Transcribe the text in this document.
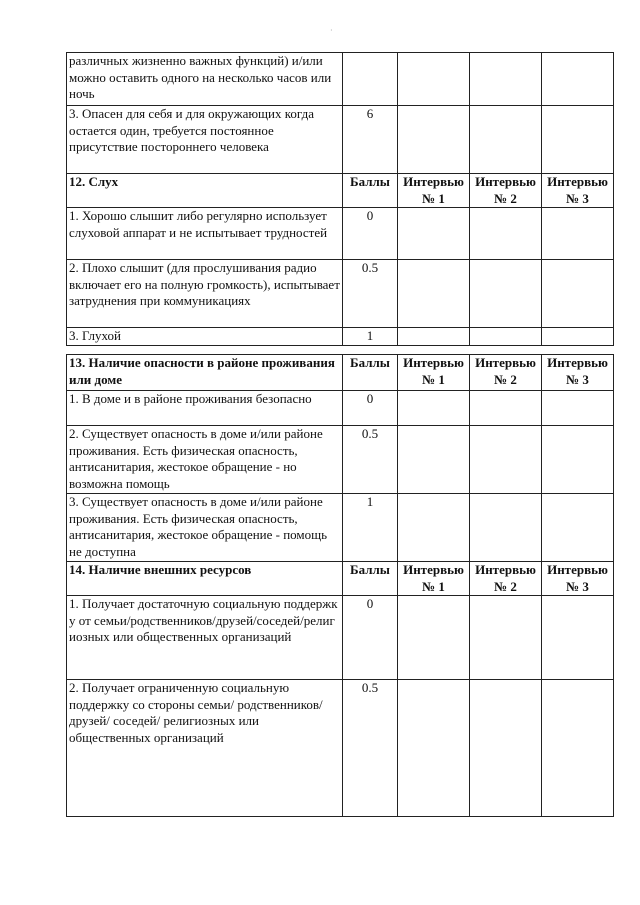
·
различных жизненно важных функций) и/или можно оставить одного на несколько часов или ночь				
3. Опасен для себя и для окружающих когда остается один, требуется постоянное присутствие постороннего человека	6			
12. Слух	Баллы	Интервью № 1	Интервью № 2	Интервью № 3
1. Хорошо слышит либо регулярно использует слуховой аппарат и не испытывает трудностей	0			
2. Плохо слышит (для прослушивания радио включает его на полную громкость), испытывает затруднения при коммуникациях	0.5			
3. Глухой	1			
13. Наличие опасности в районе проживания или доме	Баллы	Интервью № 1	Интервью № 2	Интервью № 3
1. В доме и в районе проживания безопасно	0			
2. Существует опасность в доме и/или районе проживания. Есть физическая опасность, антисанитария, жестокое обращение - но возможна помощь	0.5			
3. Существует опасность в доме и/или районе проживания. Есть физическая опасность, антисанитария, жестокое обращение - помощь не доступна	1			
14. Наличие внешних ресурсов	Баллы	Интервью № 1	Интервью № 2	Интервью № 3
1. Получает достаточную социальную поддержку от семьи/родственников/друзей/соседей/религиозных или общественных организаций	0			
2. Получает ограниченную социальную поддержку со стороны семьи/ родственников/ друзей/ соседей/ религиозных или общественных организаций	0.5			
